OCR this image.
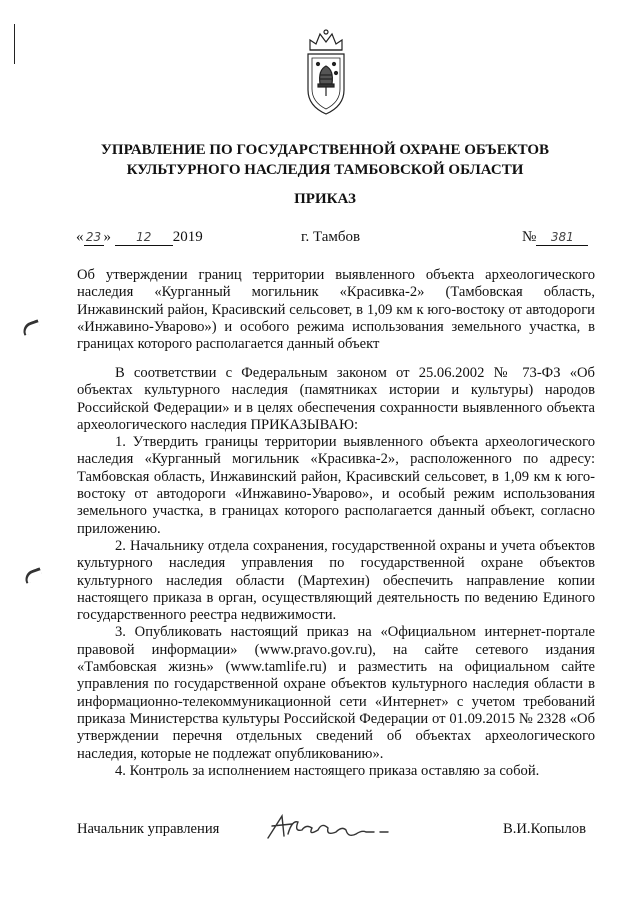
УПРАВЛЕНИЕ ПО ГОСУДАРСТВЕННОЙ ОХРАНЕ ОБЪЕКТОВ
КУЛЬТУРНОГО НАСЛЕДИЯ ТАМБОВСКОЙ ОБЛАСТИ
ПРИКАЗ
« 23 » 12 2019	г. Тамбов	№ 381
Об утверждении границ территории выявленного объекта археологического наследия «Курганный могильник «Красивка-2» (Тамбовская область, Инжавинский район, Красивский сельсовет, в 1,09 км к юго-востоку от автодороги «Инжавино-Уварово») и особого режима использования земельного участка, в границах которого располагается данный объект

В соответствии с Федеральным законом от 25.06.2002 № 73-ФЗ «Об объектах культурного наследия (памятниках истории и культуры) народов Российской Федерации» и в целях обеспечения сохранности выявленного объекта археологического наследия ПРИКАЗЫВАЮ:

1. Утвердить границы территории выявленного объекта археологического наследия «Курганный могильник «Красивка-2», расположенного по адресу: Тамбовская область, Инжавинский район, Красивский сельсовет, в 1,09 км к юго-востоку от автодороги «Инжавино-Уварово», и особый режим использования земельного участка, в границах которого располагается данный объект, согласно приложению.

2. Начальнику отдела сохранения, государственной охраны и учета объектов культурного наследия управления по государственной охране объектов культурного наследия области (Мартехин) обеспечить направление копии настоящего приказа в орган, осуществляющий деятельность по ведению Единого государственного реестра недвижимости.

3. Опубликовать настоящий приказ на «Официальном интернет-портале правовой информации» (www.pravo.gov.ru), на сайте сетевого издания «Тамбовская жизнь» (www.tamlife.ru) и разместить на официальном сайте управления по государственной охране объектов культурного наследия области в информационно-телекоммуникационной сети «Интернет» с учетом требований приказа Министерства культуры Российской Федерации от 01.09.2015 № 2328 «Об утверждении перечня отдельных сведений об объектах археологического наследия, которые не подлежат опубликованию».

4. Контроль за исполнением настоящего приказа оставляю за собой.

Начальник управления	В.И.Копылов
